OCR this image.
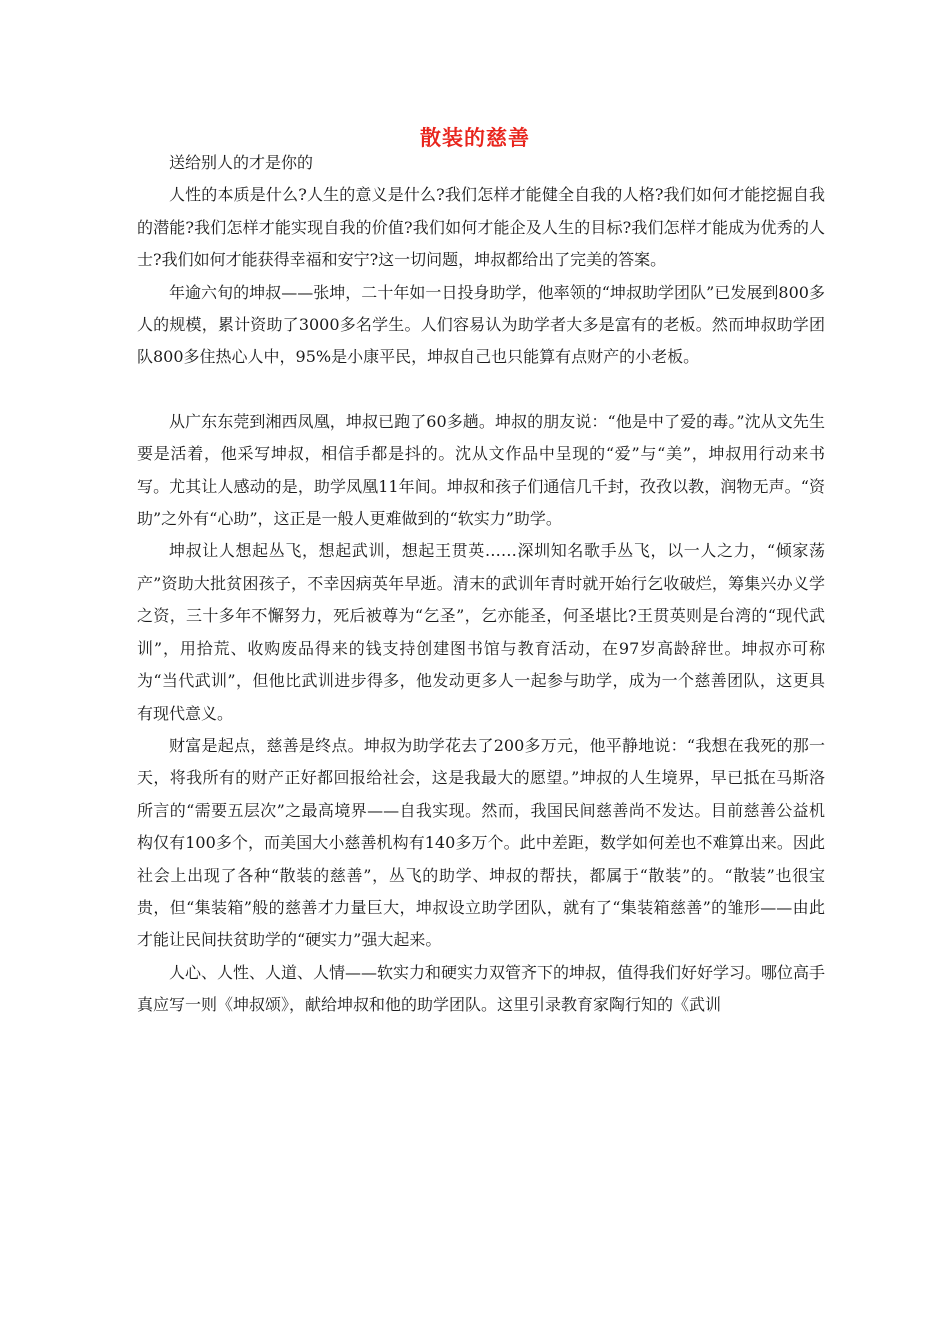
散装的慈善

送给别人的才是你的

人性的本质是什么?人生的意义是什么?我们怎样才能健全自我的人格?我们如何才能挖掘自我的潜能?我们怎样才能实现自我的价值?我们如何才能企及人生的目标?我们怎样才能成为优秀的人士?我们如何才能获得幸福和安宁?这一切问题，坤叔都给出了完美的答案。

年逾六旬的坤叔——张坤，二十年如一日投身助学，他率领的“坤叔助学团队”已发展到800多人的规模，累计资助了3000多名学生。人们容易认为助学者大多是富有的老板。然而坤叔助学团队800多住热心人中，95%是小康平民，坤叔自己也只能算有点财产的小老板。

从广东东莞到湘西凤凰，坤叔已跑了60多趟。坤叔的朋友说：“他是中了爱的毒。”沈从文先生要是活着，他采写坤叔，相信手都是抖的。沈从文作品中呈现的“爱”与“美”，坤叔用行动来书写。尤其让人感动的是，助学凤凰11年间。坤叔和孩子们通信几千封，孜孜以教，润物无声。“资助”之外有“心助”，这正是一般人更难做到的“软实力”助学。

坤叔让人想起丛飞，想起武训，想起王贯英……深圳知名歌手丛飞，以一人之力，“倾家荡产”资助大批贫困孩子，不幸因病英年早逝。清末的武训年青时就开始行乞收破烂，筹集兴办义学之资，三十多年不懈努力，死后被尊为“乞圣”，乞亦能圣，何圣堪比?王贯英则是台湾的“现代武训”，用拾荒、收购废品得来的钱支持创建图书馆与教育活动，在97岁高龄辞世。坤叔亦可称为“当代武训”，但他比武训进步得多，他发动更多人一起参与助学，成为一个慈善团队，这更具有现代意义。

财富是起点，慈善是终点。坤叔为助学花去了200多万元，他平静地说：“我想在我死的那一天，将我所有的财产正好都回报给社会，这是我最大的愿望。”坤叔的人生境界，早已抵在马斯洛所言的“需要五层次”之最高境界——自我实现。然而，我国民间慈善尚不发达。目前慈善公益机构仅有100多个，而美国大小慈善机构有140多万个。此中差距，数学如何差也不难算出来。因此社会上出现了各种“散装的慈善”，丛飞的助学、坤叔的帮扶，都属于“散装”的。“散装”也很宝贵，但“集装箱”般的慈善才力量巨大，坤叔设立助学团队，就有了“集装箱慈善”的雏形——由此才能让民间扶贫助学的“硬实力”强大起来。

人心、人性、人道、人情——软实力和硬实力双管齐下的坤叔，值得我们好好学习。哪位高手真应写一则《坤叔颂》，献给坤叔和他的助学团队。这里引录教育家陶行知的《武训
